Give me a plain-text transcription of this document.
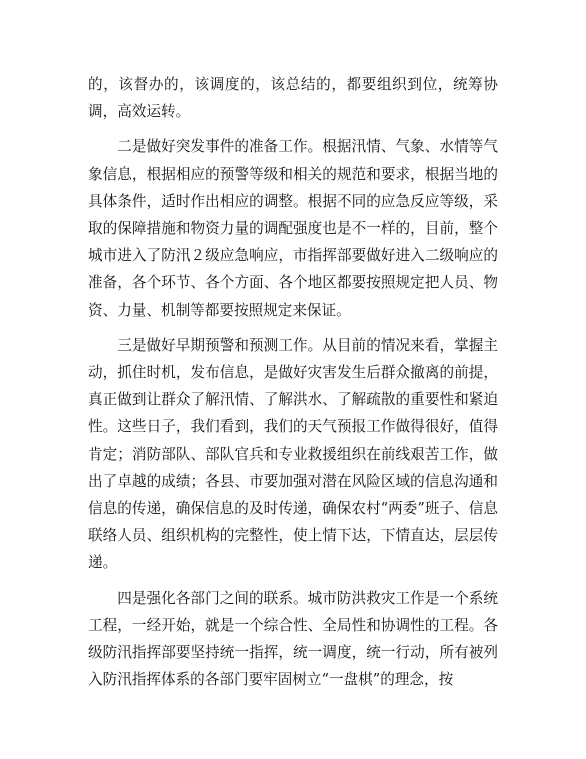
的，该督办的，该调度的，该总结的，都要组织到位，统筹协调，高效运转。

二是做好突发事件的准备工作。根据汛情、气象、水情等气象信息，根据相应的预警等级和相关的规范和要求，根据当地的具体条件，适时作出相应的调整。根据不同的应急反应等级，采取的保障措施和物资力量的调配强度也是不一样的，目前，整个城市进入了防汛２级应急响应，市指挥部要做好进入二级响应的准备，各个环节、各个方面、各个地区都要按照规定把人员、物资、力量、机制等都要按照规定来保证。

三是做好早期预警和预测工作。从目前的情况来看，掌握主动，抓住时机，发布信息，是做好灾害发生后群众撤离的前提，真正做到让群众了解汛情、了解洪水、了解疏散的重要性和紧迫性。这些日子，我们看到，我们的天气预报工作做得很好，值得肯定；消防部队、部队官兵和专业救援组织在前线艰苦工作，做出了卓越的成绩；各县、市要加强对潜在风险区域的信息沟通和信息的传递，确保信息的及时传递，确保农村“两委”班子、信息联络人员、组织机构的完整性，使上情下达，下情直达，层层传递。

四是强化各部门之间的联系。城市防洪救灾工作是一个系统工程，一经开始，就是一个综合性、全局性和协调性的工程。各级防汛指挥部要坚持统一指挥，统一调度，统一行动，所有被列入防汛指挥体系的各部门要牢固树立“一盘棋”的理念，按
